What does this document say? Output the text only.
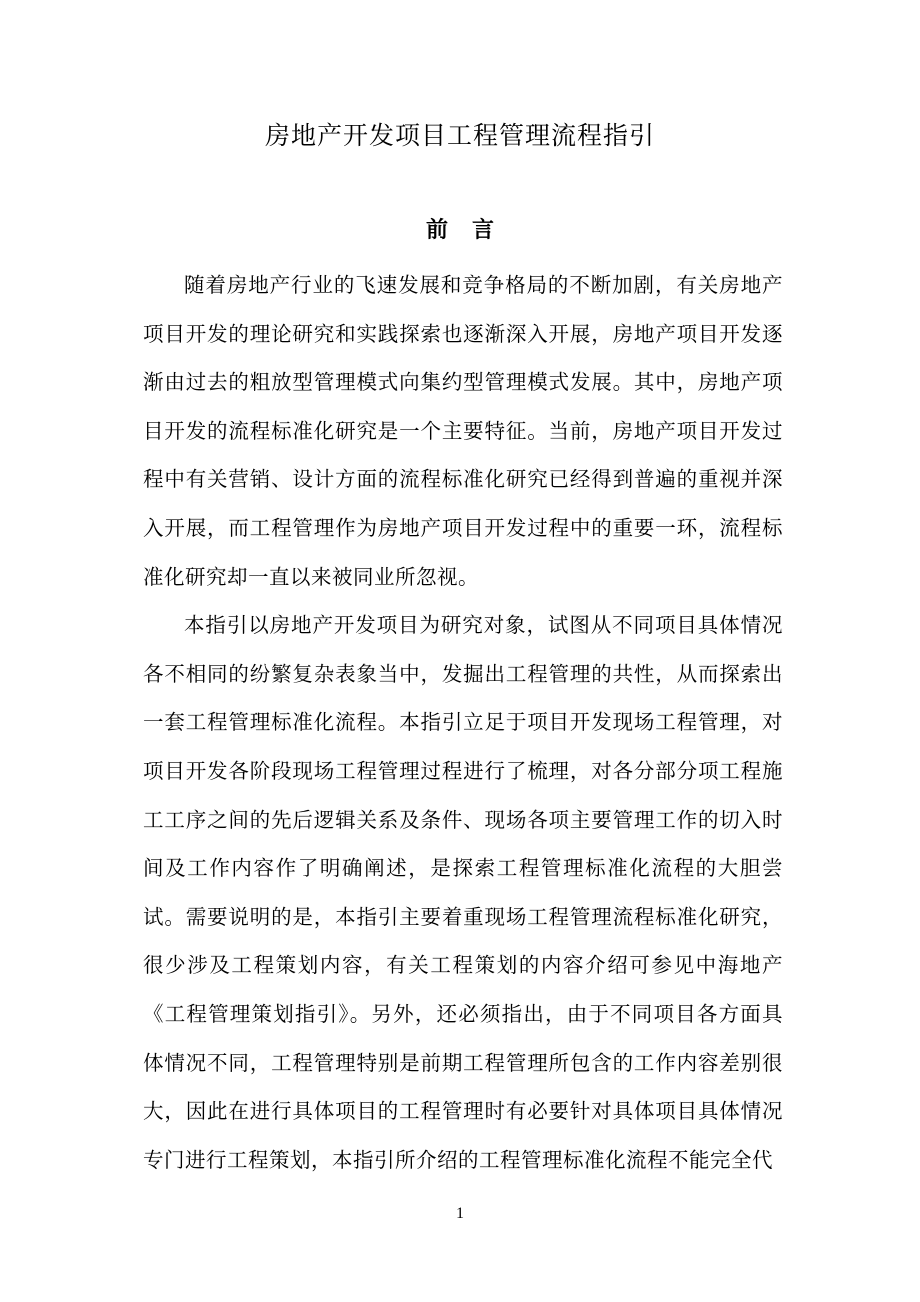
房地产开发项目工程管理流程指引
前 言

随着房地产行业的飞速发展和竞争格局的不断加剧，有关房地产项目开发的理论研究和实践探索也逐渐深入开展，房地产项目开发逐渐由过去的粗放型管理模式向集约型管理模式发展。其中，房地产项目开发的流程标准化研究是一个主要特征。当前，房地产项目开发过程中有关营销、设计方面的流程标准化研究已经得到普遍的重视并深入开展，而工程管理作为房地产项目开发过程中的重要一环，流程标准化研究却一直以来被同业所忽视。

本指引以房地产开发项目为研究对象，试图从不同项目具体情况各不相同的纷繁复杂表象当中，发掘出工程管理的共性，从而探索出一套工程管理标准化流程。本指引立足于项目开发现场工程管理，对项目开发各阶段现场工程管理过程进行了梳理，对各分部分项工程施工工序之间的先后逻辑关系及条件、现场各项主要管理工作的切入时间及工作内容作了明确阐述，是探索工程管理标准化流程的大胆尝试。需要说明的是，本指引主要着重现场工程管理流程标准化研究，很少涉及工程策划内容，有关工程策划的内容介绍可参见中海地产《工程管理策划指引》。另外，还必须指出，由于不同项目各方面具体情况不同，工程管理特别是前期工程管理所包含的工作内容差别很大，因此在进行具体项目的工程管理时有必要针对具体项目具体情况专门进行工程策划，本指引所介绍的工程管理标准化流程不能完全代

1
